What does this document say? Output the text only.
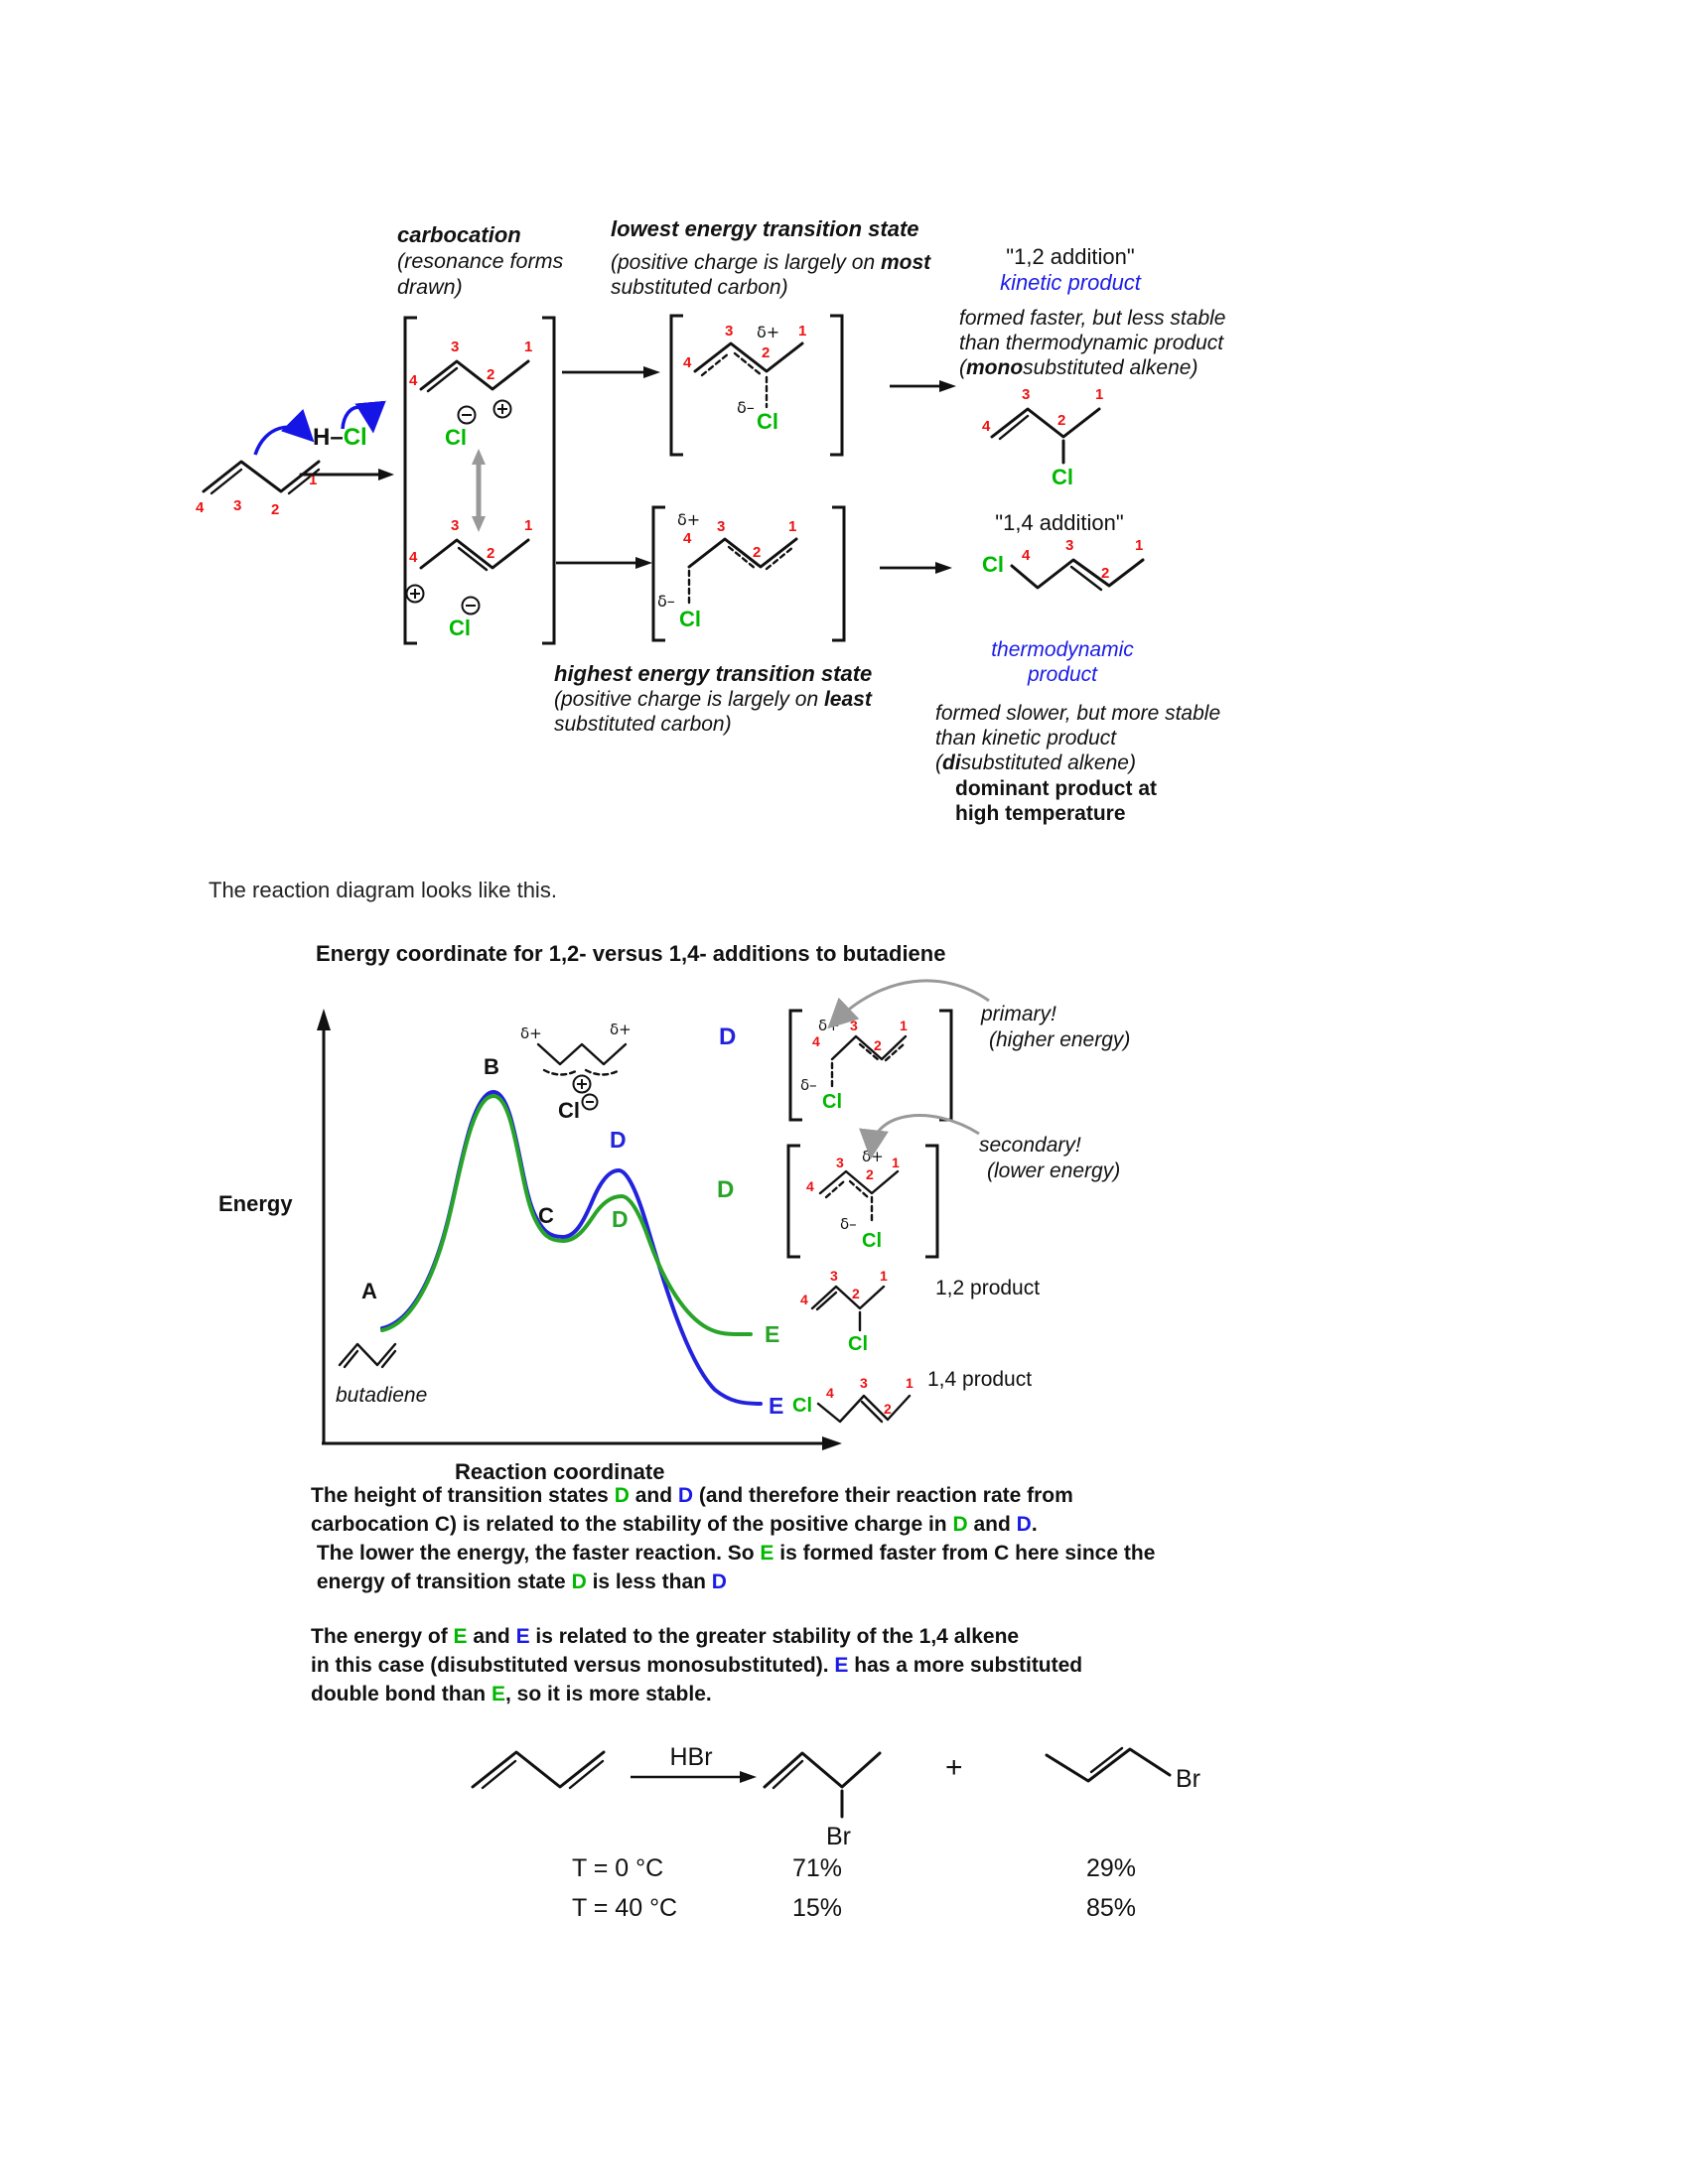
carbocation
(resonance forms
drawn)
lowest energy transition state
(positive charge is largely on most
substituted carbon)
"1,2 addition"
kinetic product
formed faster, but less stable
than thermodynamic product
(monosubstituted alkene)
"1,4 addition"
thermodynamic
product
formed slower, but more stable
than kinetic product
(disubstituted alkene)
dominant product at
high temperature
highest energy transition state
(positive charge is largely on least
substituted carbon)
4 3 2
1
H–Cl
4
3
2
1
Cl
4
3
2
1
Cl
δ+
4
3
2
1
δ–
Cl
δ+
4
3
2
1
δ–
Cl
4
3
2
1
Cl
Cl 4
3
2
1
The reaction diagram looks like this.
Energy coordinate for 1,2- versus 1,4- additions to butadiene
Energy
Reaction coordinate
A
B
C
D
D
E
E
butadiene
δ+	δ+
Cl
D
D
δ+
4
3
2
1
δ–
Cl
primary!
(higher energy)
3 δ+
2
1
4
δ–
Cl
secondary!
(lower energy)
4
3
2
1
Cl
1,2 product
Cl
4
3
2
1 1,4 product
The height of transition states D and D (and therefore their reaction rate from
carbocation C) is related to the stability of the positive charge in D and D.
The lower the energy, the faster reaction. So E is formed faster from C here since the
energy of transition state D is less than D
The energy of E and E is related to the greater stability of the 1,4 alkene
in this case (disubstituted versus monosubstituted). E has a more substituted
double bond than E, so it is more stable.
Br
Br
HBr	+
T = 0 °C	71%	29%
T = 40 °C	15%	85%
